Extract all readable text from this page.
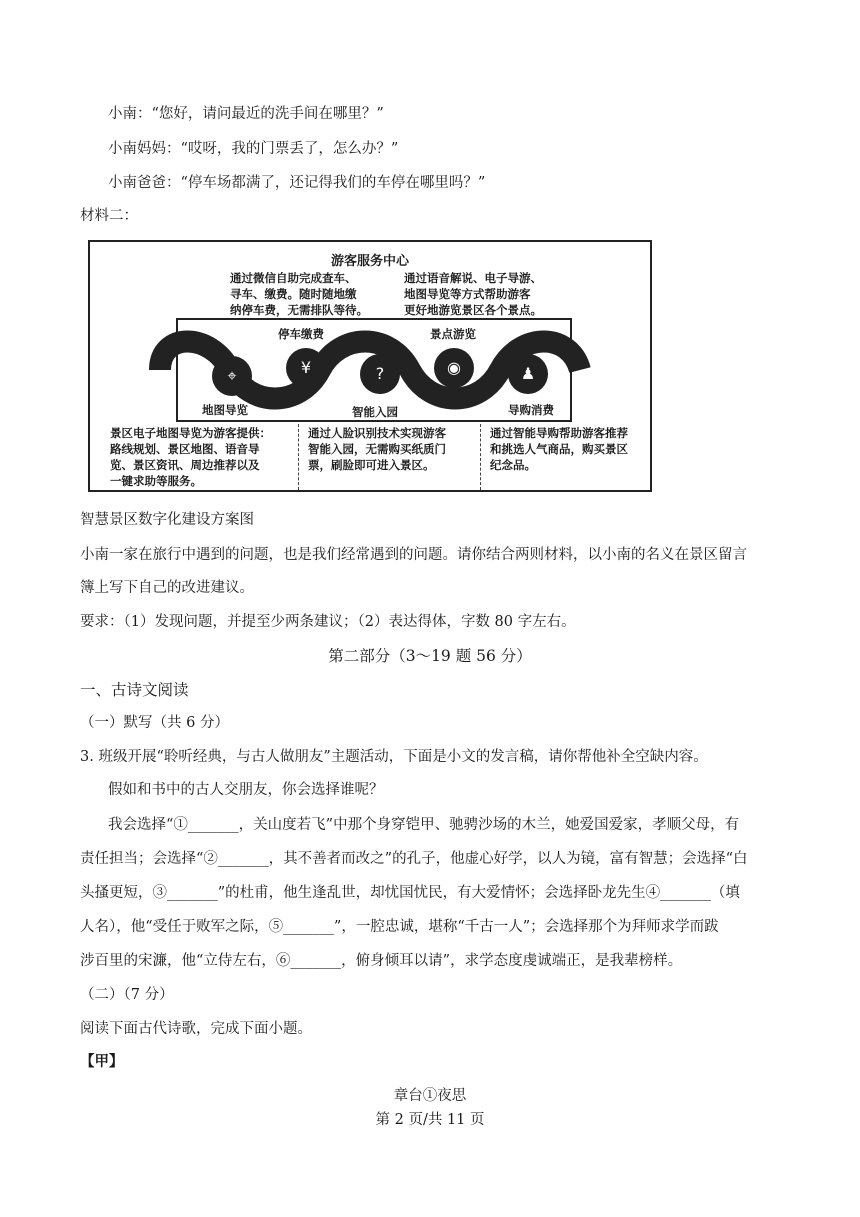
小南：“您好，请问最近的洗手间在哪里？”
小南妈妈：“哎呀，我的门票丢了，怎么办？”
小南爸爸：“停车场都满了，还记得我们的车停在哪里吗？”
材料二：
游客服务中心
通过微信自助完成查车、
寻车、缴费。随时随地缴
纳停车费，无需排队等待。
通过语音解说、电子导游、
地图导览等方式帮助游客
更好地游览景区各个景点。
⌖	¥	?	◉	♟
停车缴费	景点游览
地图导览	智能入园	导购消费
景区电子地图导览为游客提供：
路线规划、景区地图、语音导
览、景区资讯、周边推荐以及
一键求助等服务。
通过人脸识别技术实现游客
智能入园，无需购买纸质门
票，刷脸即可进入景区。
通过智能导购帮助游客推荐
和挑选人气商品，购买景区
纪念品。
智慧景区数字化建设方案图
小南一家在旅行中遇到的问题，也是我们经常遇到的问题。请你结合两则材料，以小南的名义在景区留言
簿上写下自己的改进建议。
要求：（1）发现问题，并提至少两条建议；（2）表达得体，字数 80 字左右。
第二部分（3～19 题 56 分）
一、古诗文阅读
（一）默写（共 6 分）
3. 班级开展“聆听经典，与古人做朋友”主题活动，下面是小文的发言稿，请你帮他补全空缺内容。
假如和书中的古人交朋友，你会选择谁呢？
我会选择“①_______，关山度若飞”中那个身穿铠甲、驰骋沙场的木兰，她爱国爱家，孝顺父母，有
责任担当；会选择“②_______，其不善者而改之”的孔子，他虚心好学，以人为镜，富有智慧；会选择“白
头搔更短，③_______”的杜甫，他生逢乱世，却忧国忧民，有大爱情怀；会选择卧龙先生④_______（填
人名），他“受任于败军之际，⑤_______”，一腔忠诚，堪称“千古一人”；会选择那个为拜师求学而跋
涉百里的宋濂，他“立侍左右，⑥_______，俯身倾耳以请”，求学态度虔诚端正，是我辈榜样。
（二）（7 分）
阅读下面古代诗歌，完成下面小题。
【甲】
章台①夜思
第 2 页/共 11 页
